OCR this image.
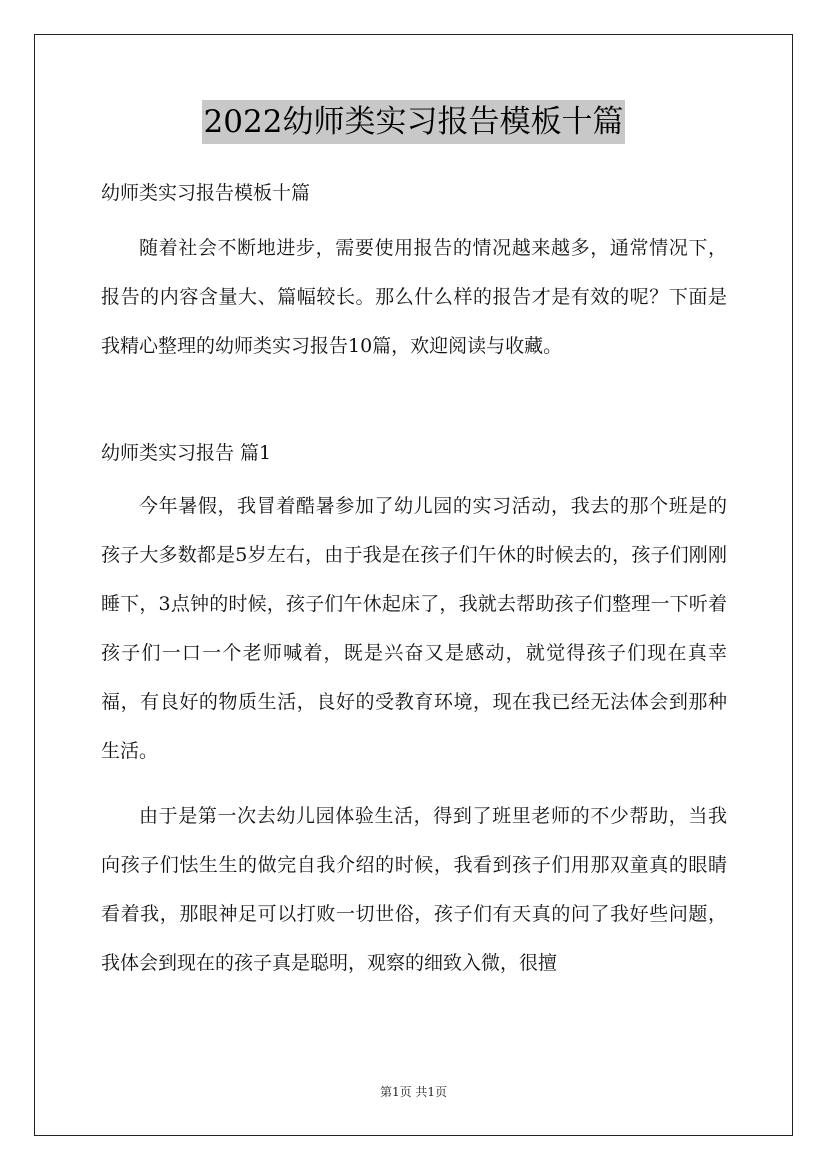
2022幼师类实习报告模板十篇
幼师类实习报告模板十篇

随着社会不断地进步，需要使用报告的情况越来越多，通常情况下，报告的内容含量大、篇幅较长。那么什么样的报告才是有效的呢？下面是我精心整理的幼师类实习报告10篇，欢迎阅读与收藏。

幼师类实习报告 篇1

今年暑假，我冒着酷暑参加了幼儿园的实习活动，我去的那个班是的孩子大多数都是5岁左右，由于我是在孩子们午休的时候去的，孩子们刚刚睡下，3点钟的时候，孩子们午休起床了，我就去帮助孩子们整理一下听着孩子们一口一个老师喊着，既是兴奋又是感动，就觉得孩子们现在真幸福，有良好的物质生活，良好的受教育环境，现在我已经无法体会到那种生活。

由于是第一次去幼儿园体验生活，得到了班里老师的不少帮助，当我向孩子们怯生生的做完自我介绍的时候，我看到孩子们用那双童真的眼睛看着我，那眼神足可以打败一切世俗，孩子们有天真的问了我好些问题，我体会到现在的孩子真是聪明，观察的细致入微，很擅

第1页 共1页
